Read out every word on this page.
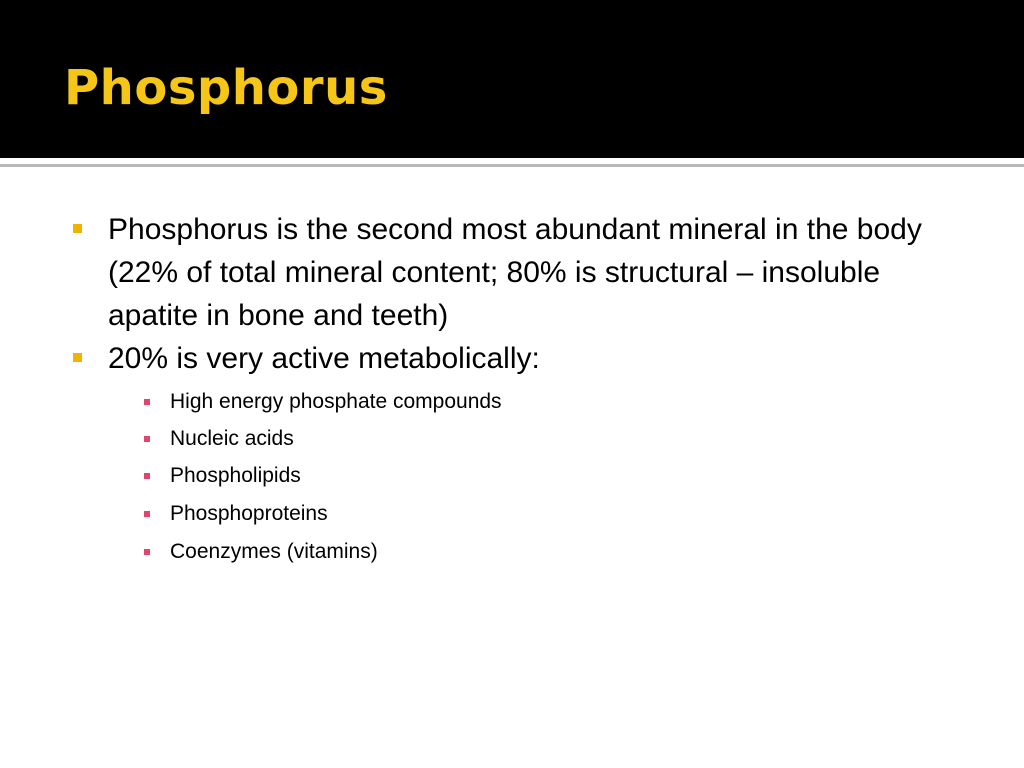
Phosphorus
Phosphorus is the second most abundant mineral in the body (22% of total mineral content; 80% is structural – insoluble apatite in bone and teeth)
20% is very active metabolically:
High energy phosphate compounds
Nucleic acids
Phospholipids
Phosphoproteins
Coenzymes (vitamins)
